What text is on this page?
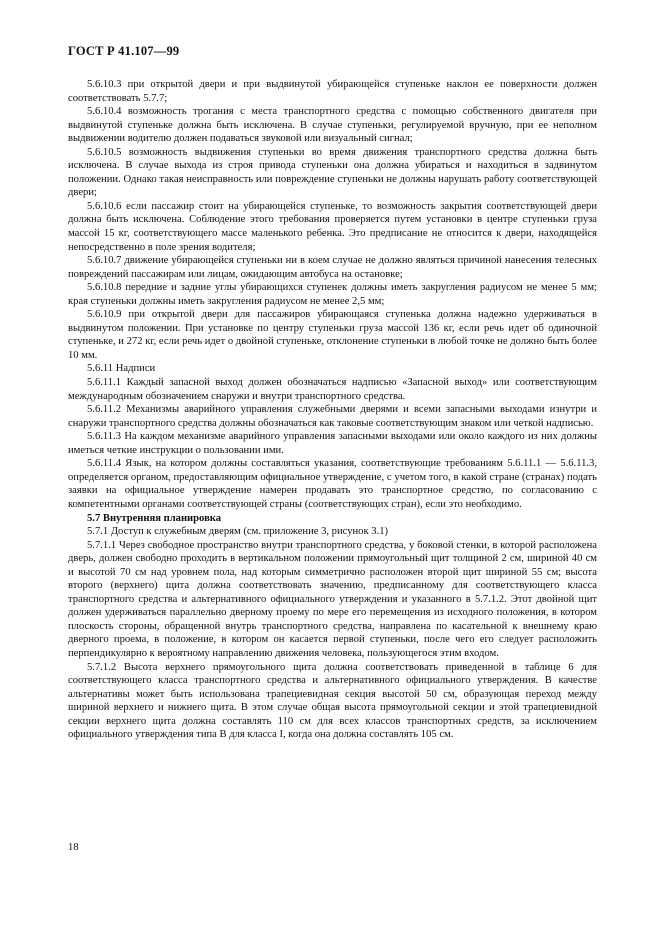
ГОСТ Р 41.107—99

5.6.10.3 при открытой двери и при выдвинутой убирающейся ступеньке наклон ее поверхности должен соответствовать 5.7.7;

5.6.10.4 возможность трогания с места транспортного средства с помощью собственного двигателя при выдвинутой ступеньке должна быть исключена. В случае ступеньки, регулируемой вручную, при ее неполном выдвижении водителю должен подаваться звуковой или визуальный сигнал;

5.6.10.5 возможность выдвижения ступеньки во время движения транспортного средства должна быть исключена. В случае выхода из строя привода ступеньки она должна убираться и находиться в задвинутом положении. Однако такая неисправность или повреждение ступеньки не должны нарушать работу соответствующей двери;

5.6.10.6 если пассажир стоит на убирающейся ступеньке, то возможность закрытия соответствующей двери должна быть исключена. Соблюдение этого требования проверяется путем установки в центре ступеньки груза массой 15 кг, соответствующего массе маленького ребенка. Это предписание не относится к двери, находящейся непосредственно в поле зрения водителя;

5.6.10.7 движение убирающейся ступеньки ни в коем случае не должно являться причиной нанесения телесных повреждений пассажирам или лицам, ожидающим автобуса на остановке;

5.6.10.8 передние и задние углы убирающихся ступенек должны иметь закругления радиусом не менее 5 мм; края ступеньки должны иметь закругления радиусом не менее 2,5 мм;

5.6.10.9 при открытой двери для пассажиров убирающаяся ступенька должна надежно удерживаться в выдвинутом положении. При установке по центру ступеньки груза массой 136 кг, если речь идет об одиночной ступеньке, и 272 кг, если речь идет о двойной ступеньке, отклонение ступеньки в любой точке не должно быть более 10 мм.

5.6.11 Надписи

5.6.11.1 Каждый запасной выход должен обозначаться надписью «Запасной выход» или соответствующим международным обозначением снаружи и внутри транспортного средства.

5.6.11.2 Механизмы аварийного управления служебными дверями и всеми запасными выходами изнутри и снаружи транспортного средства должны обозначаться как таковые соответствующим знаком или четкой надписью.

5.6.11.3 На каждом механизме аварийного управления запасными выходами или около каждого из них должны иметься четкие инструкции о пользовании ими.

5.6.11.4 Язык, на котором должны составляться указания, соответствующие требованиям 5.6.11.1 — 5.6.11.3, определяется органом, предоставляющим официальное утверждение, с учетом того, в какой стране (странах) подать заявки на официальное утверждение намерен продавать это транспортное средство, по согласованию с компетентными органами соответствующей страны (соответствующих стран), если это необходимо.

5.7 Внутренняя планировка

5.7.1 Доступ к служебным дверям (см. приложение 3, рисунок 3.1)

5.7.1.1 Через свободное пространство внутри транспортного средства, у боковой стенки, в которой расположена дверь, должен свободно проходить в вертикальном положении прямоугольный щит толщиной 2 см, шириной 40 см и высотой 70 см над уровнем пола, над которым симметрично расположен второй щит шириной 55 см; высота второго (верхнего) щита должна соответствовать значению, предписанному для соответствующего класса транспортного средства и альтернативного официального утверждения и указанного в 5.7.1.2. Этот двойной щит должен удерживаться параллельно дверному проему по мере его перемещения из исходного положения, в котором плоскость стороны, обращенной внутрь транспортного средства, направлена по касательной к внешнему краю дверного проема, в положение, в котором он касается первой ступеньки, после чего его следует расположить перпендикулярно к вероятному направлению движения человека, пользующегося этим входом.

5.7.1.2 Высота верхнего прямоугольного щита должна соответствовать приведенной в таблице 6 для соответствующего класса транспортного средства и альтернативного официального утверждения. В качестве альтернативы может быть использована трапециевидная секция высотой 50 см, образующая переход между шириной верхнего и нижнего щита. В этом случае общая высота прямоугольной секции и этой трапециевидной секции верхнего щита должна составлять 110 см для всех классов транспортных средств, за исключением официального утверждения типа В для класса I, когда она должна составлять 105 см.

18
